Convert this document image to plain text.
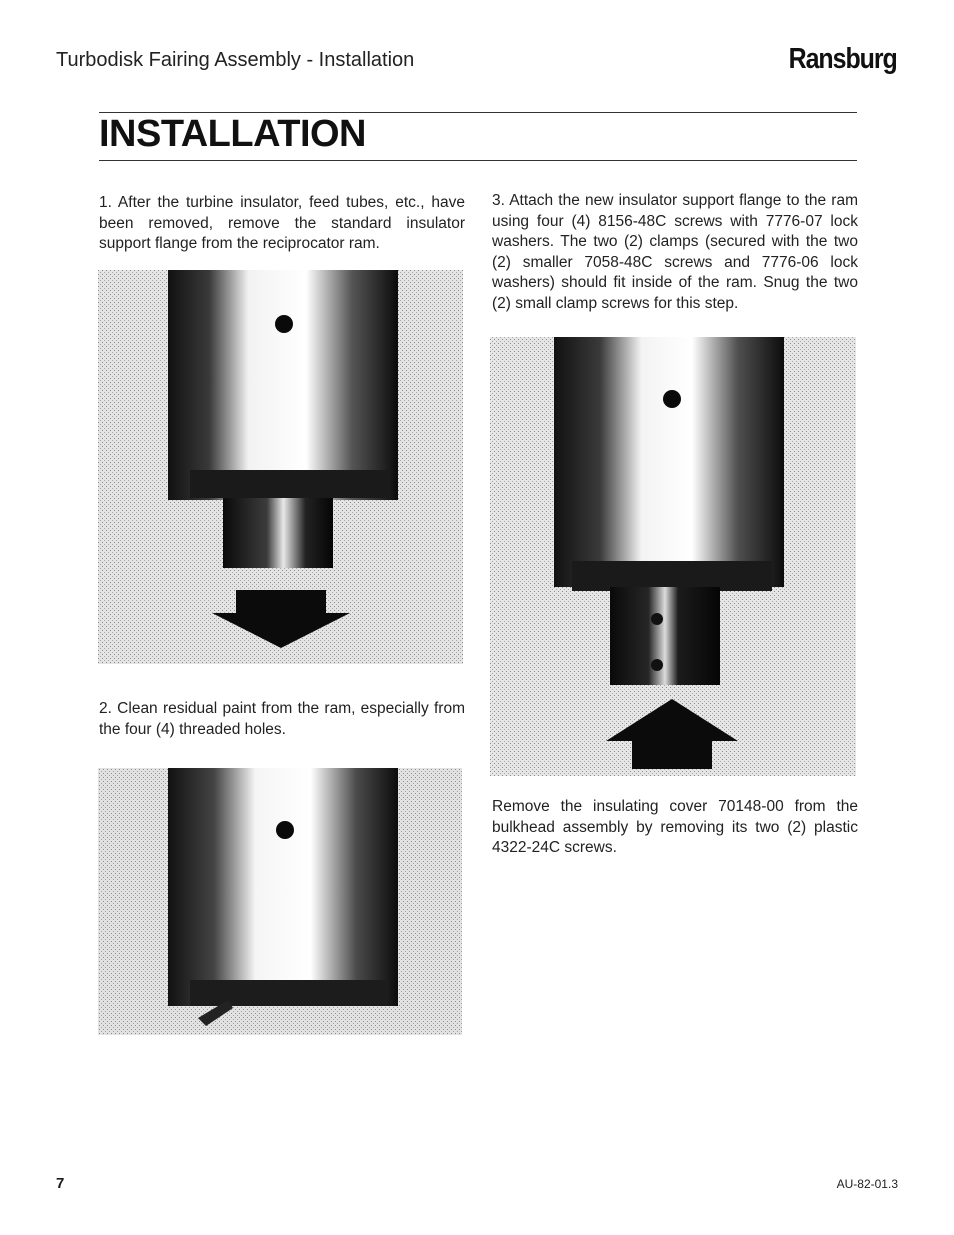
Turbodisk Fairing Assembly - Installation	Ransburg
INSTALLATION
1. After the turbine insulator, feed tubes, etc., have been removed, remove the standard insulator support flange from the reciprocator ram.
2. Clean residual paint from the ram, especially from the four (4) threaded holes.
3. Attach the new insulator support flange to the ram using four (4) 8156-48C screws with 7776-07 lock washers. The two (2) clamps (secured with the two (2) smaller 7058-48C screws and 7776-06 lock washers) should fit inside of the ram. Snug the two (2) small clamp screws for this step.
Remove the insulating cover 70148-00 from the bulkhead assembly by removing its two (2) plastic 4322-24C screws.
7	AU-82-01.3
